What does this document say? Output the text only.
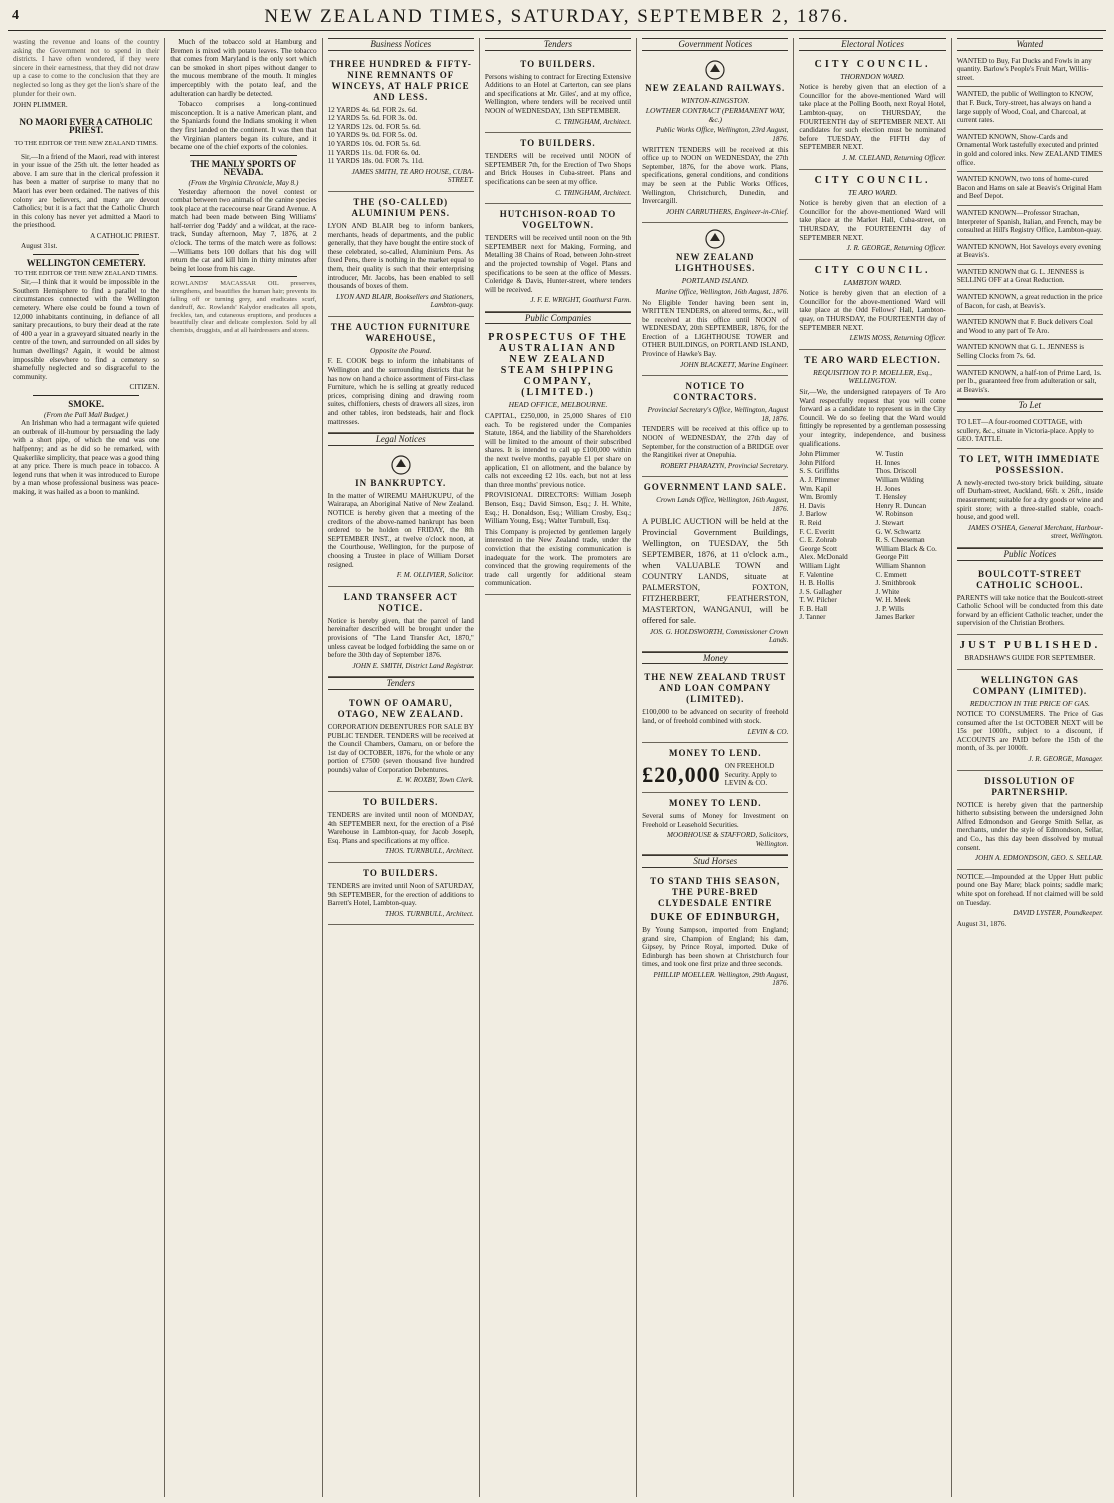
4	NEW ZEALAND TIMES, SATURDAY, SEPTEMBER 2, 1876.

wasting the revenue and loans of the country asking the Government not to spend in their districts. I have often wondered, if they were sincere in their earnestness, that they did not draw up a case to come to the conclusion that they are neglected so long as they get the lion's share of the plunder for their own.

JOHN PLIMMER.

NO MAORI EVER A CATHOLIC PRIEST.
TO THE EDITOR OF THE NEW ZEALAND TIMES.

Sir,—In a friend of the Maori, read with interest in your issue of the 25th ult. the letter headed as above. I am sure that in the clerical profession it has been a matter of surprise to many that no Maori has ever been ordained. The natives of this colony are believers, and many are devout Catholics; but it is a fact that the Catholic Church in this colony has never yet admitted a Maori to the priesthood.

A CATHOLIC PRIEST.

August 31st.

WELLINGTON CEMETERY.
TO THE EDITOR OF THE NEW ZEALAND TIMES.

Sir,—I think that it would be impossible in the Southern Hemisphere to find a parallel to the circumstances connected with the Wellington cemetery. Where else could be found a town of 12,000 inhabitants continuing, in defiance of all sanitary precautions, to bury their dead at the rate of 400 a year in a graveyard situated nearly in the centre of the town, and surrounded on all sides by human dwellings? Again, it would be almost impossible elsewhere to find a cemetery so shamefully neglected and so disgraceful to the community.

CITIZEN.

SMOKE.
(From the Pall Mall Budget.)

An Irishman who had a termagant wife quieted an outbreak of ill-humour by persuading the lady with a short pipe, of which the end was one halfpenny; and as he did so he remarked, with Quakerlike simplicity, that peace was a good thing at any price. There is much peace in tobacco. A legend runs that when it was introduced to Europe by a man whose professional business was peace-making, it was hailed as a boon to mankind.

Much of the tobacco sold at Hamburg and Bremen is mixed with potato leaves. The tobacco that comes from Maryland is the only sort which can be smoked in short pipes without danger to the mucous membrane of the mouth. It mingles imperceptibly with the potato leaf, and the adulteration can hardly be detected.

Tobacco comprises a long-continued misconception. It is a native American plant, and the Spaniards found the Indians smoking it when they first landed on the continent. It was then that the Virginian planters began its culture, and it became one of the chief exports of the colonies.

THE MANLY SPORTS OF NEVADA.
(From the Virginia Chronicle, May 8.)

Yesterday afternoon the novel contest or combat between two animals of the canine species took place at the racecourse near Grand Avenue. A match had been made between Bing Williams' half-terrier dog 'Paddy' and a wildcat, at the race-track, Sunday afternoon, May 7, 1876, at 2 o'clock. The terms of the match were as follows:—Williams bets 100 dollars that his dog will return the cat and kill him in thirty minutes after being let loose from his cage.

ROWLANDS' MACASSAR OIL preserves, strengthens, and beautifies the human hair; prevents its falling off or turning grey, and eradicates scurf, dandruff, &c. Rowlands' Kalydor eradicates all spots, freckles, tan, and cutaneous eruptions, and produces a beautifully clear and delicate complexion. Sold by all chemists, druggists, and at all hairdressers and stores.

Business Notices
THREE HUNDRED & FIFTY-NINE REMNANTS OF WINCEYS, AT HALF PRICE AND LESS.
12 YARDS 4s. 6d. FOR 2s. 6d.
12 YARDS 5s. 6d. FOR 3s. 0d.
12 YARDS 12s. 0d. FOR 5s. 6d.
10 YARDS 9s. 0d. FOR 5s. 0d.
10 YARDS 10s. 0d. FOR 5s. 6d.
11 YARDS 11s. 0d. FOR 6s. 0d.
11 YARDS 18s. 0d. FOR 7s. 11d.

JAMES SMITH, TE ARO HOUSE, CUBA-STREET.

THE (SO-CALLED) ALUMINIUM PENS.

LYON AND BLAIR beg to inform bankers, merchants, heads of departments, and the public generally, that they have bought the entire stock of these celebrated, so-called, Aluminium Pens. As fixed Pens, there is nothing in the market equal to them, their quality is such that their enterprising introducer, Mr. Jacobs, has been enabled to sell thousands of boxes of them.

LYON AND BLAIR, Booksellers and Stationers, Lambton-quay.

THE AUCTION FURNITURE WAREHOUSE,
Opposite the Pound.

F. E. COOK begs to inform the inhabitants of Wellington and the surrounding districts that he has now on hand a choice assortment of First-class Furniture, which he is selling at greatly reduced prices, comprising dining and drawing room suites, chiffoniers, chests of drawers all sizes, iron and other tables, iron bedsteads, hair and flock mattresses.

Legal Notices
IN BANKRUPTCY.

In the matter of WIREMU MAHUKUPU, of the Wairarapa, an Aboriginal Native of New Zealand. NOTICE is hereby given that a meeting of the creditors of the above-named bankrupt has been ordered to be holden on FRIDAY, the 8th SEPTEMBER INST., at twelve o'clock noon, at the Courthouse, Wellington, for the purpose of choosing a Trustee in place of William Dorset resigned.

F. M. OLLIVIER, Solicitor.

LAND TRANSFER ACT NOTICE.

Notice is hereby given, that the parcel of land hereinafter described will be brought under the provisions of "The Land Transfer Act, 1870," unless caveat be lodged forbidding the same on or before the 30th day of September 1876.

JOHN E. SMITH, District Land Registrar.

Tenders
TOWN OF OAMARU, OTAGO, NEW ZEALAND.

CORPORATION DEBENTURES FOR SALE BY PUBLIC TENDER. TENDERS will be received at the Council Chambers, Oamaru, on or before the 1st day of OCTOBER, 1876, for the whole or any portion of £7500 (seven thousand five hundred pounds) value of Corporation Debentures.

E. W. ROXBY, Town Clerk.

TO BUILDERS.

TENDERS are invited until noon of MONDAY, 4th SEPTEMBER next, for the erection of a Pisé Warehouse in Lambton-quay, for Jacob Joseph, Esq. Plans and specifications at my office.

THOS. TURNBULL, Architect.

TO BUILDERS.

TENDERS are invited until Noon of SATURDAY, 9th SEPTEMBER, for the erection of additions to Barrett's Hotel, Lambton-quay.

THOS. TURNBULL, Architect.

Tenders
TO BUILDERS.

Persons wishing to contract for Erecting Extensive Additions to an Hotel at Carterton, can see plans and specifications at Mr. Giles', and at my office, Wellington, where tenders will be received until NOON of WEDNESDAY, 13th SEPTEMBER.

C. TRINGHAM, Architect.

TO BUILDERS.

TENDERS will be received until NOON of SEPTEMBER 7th, for the Erection of Two Shops and Brick Houses in Cuba-street. Plans and specifications can be seen at my office.

C. TRINGHAM, Architect.

HUTCHISON-ROAD TO VOGELTOWN.

TENDERS will be received until noon on the 9th SEPTEMBER next for Making, Forming, and Metalling 38 Chains of Road, between John-street and the projected township of Vogel. Plans and specifications to be seen at the office of Messrs. Coleridge & Davis, Hunter-street, where tenders will be received.

J. F. E. WRIGHT, Goathurst Farm.

Public Companies
PROSPECTUS OF THE AUSTRALIAN AND NEW ZEALAND STEAM SHIPPING COMPANY, (LIMITED.)
HEAD OFFICE, MELBOURNE.

CAPITAL, £250,000, in 25,000 Shares of £10 each. To be registered under the Companies Statute, 1864, and the liability of the Shareholders will be limited to the amount of their subscribed shares. It is intended to call up £100,000 within the next twelve months, payable £1 per share on application, £1 on allotment, and the balance by calls not exceeding £2 10s. each, but not at less than three months' previous notice.

PROVISIONAL DIRECTORS: William Joseph Benson, Esq.; David Simson, Esq.; J. H. White, Esq.; H. Donaldson, Esq.; William Crosby, Esq.; William Young, Esq.; Walter Turnbull, Esq.

This Company is projected by gentlemen largely interested in the New Zealand trade, under the conviction that the existing communication is inadequate for the work. The promoters are convinced that the growing requirements of the trade call urgently for additional steam communication.

Government Notices
NEW ZEALAND RAILWAYS.
WINTON-KINGSTON.
LOWTHER CONTRACT (PERMANENT WAY, &c.)

Public Works Office, Wellington, 23rd August, 1876.

WRITTEN TENDERS will be received at this office up to NOON on WEDNESDAY, the 27th September, 1876, for the above work. Plans, specifications, general conditions, and conditions may be seen at the Public Works Offices, Wellington, Christchurch, Dunedin, and Invercargill.

JOHN CARRUTHERS, Engineer-in-Chief.

NEW ZEALAND LIGHTHOUSES.
PORTLAND ISLAND.

Marine Office, Wellington, 16th August, 1876.

No Eligible Tender having been sent in, WRITTEN TENDERS, on altered terms, &c., will be received at this office until NOON of WEDNESDAY, 20th SEPTEMBER, 1876, for the Erection of a LIGHTHOUSE TOWER and OTHER BUILDINGS, on PORTLAND ISLAND, Province of Hawke's Bay.

JOHN BLACKETT, Marine Engineer.

NOTICE TO CONTRACTORS.

Provincial Secretary's Office, Wellington, August 18, 1876.

TENDERS will be received at this office up to NOON of WEDNESDAY, the 27th day of September, for the construction of a BRIDGE over the Rangitikei river at Onepuhia.

ROBERT PHARAZYN, Provincial Secretary.

GOVERNMENT LAND SALE.

Crown Lands Office, Wellington, 16th August, 1876.

A PUBLIC AUCTION will be held at the Provincial Government Buildings, Wellington, on TUESDAY, the 5th SEPTEMBER, 1876, at 11 o'clock a.m., when VALUABLE TOWN and COUNTRY LANDS, situate at PALMERSTON, FOXTON, FITZHERBERT, FEATHERSTON, MASTERTON, WANGANUI, will be offered for sale.

JOS. G. HOLDSWORTH, Commissioner Crown Lands.

Money
THE NEW ZEALAND TRUST AND LOAN COMPANY (LIMITED).

£100,000 to be advanced on security of freehold land, or of freehold combined with stock.

LEVIN & CO.

MONEY TO LEND.
£20,000 ON FREEHOLD Security. Apply to LEVIN & CO.
MONEY TO LEND.

Several sums of Money for Investment on Freehold or Leasehold Securities.

MOORHOUSE & STAFFORD, Solicitors, Wellington.

Stud Horses
TO STAND THIS SEASON, THE PURE-BRED CLYDESDALE ENTIRE
DUKE OF EDINBURGH,

By Young Sampson, imported from England; grand sire, Champion of England; his dam, Gipsey, by Prince Royal, imported. Duke of Edinburgh has been shown at Christchurch four times, and took one first prize and three seconds.

PHILLIP MOELLER. Wellington, 29th August, 1876.

Electoral Notices
CITY COUNCIL.
THORNDON WARD.

Notice is hereby given that an election of a Councillor for the above-mentioned Ward will take place at the Polling Booth, next Royal Hotel, Lambton-quay, on THURSDAY, the FOURTEENTH day of SEPTEMBER NEXT. All candidates for such election must be nominated before TUESDAY, the FIFTH day of SEPTEMBER NEXT.

J. M. CLELAND, Returning Officer.

CITY COUNCIL.
TE ARO WARD.

Notice is hereby given that an election of a Councillor for the above-mentioned Ward will take place at the Market Hall, Cuba-street, on THURSDAY, the FOURTEENTH day of SEPTEMBER NEXT.

J. R. GEORGE, Returning Officer.

CITY COUNCIL.
LAMBTON WARD.

Notice is hereby given that an election of a Councillor for the above-mentioned Ward will take place at the Odd Fellows' Hall, Lambton-quay, on THURSDAY, the FOURTEENTH day of SEPTEMBER NEXT.

LEWIS MOSS, Returning Officer.

TE ARO WARD ELECTION.
REQUISITION TO P. MOELLER, Esq., WELLINGTON.

Sir,—We, the undersigned ratepayers of Te Aro Ward respectfully request that you will come forward as a candidate to represent us in the City Council. We do so feeling that the Ward would fittingly be represented by a gentleman possessing your integrity, independence, and business qualifications.

John Plimmer
John Pilford
S. S. Griffiths
A. J. Plimmer
Wm. Kapil
Wm. Bromly
H. Davis
J. Barlow
R. Reid
F. C. Everitt
C. E. Zohrab
George Scott
Alex. McDonald
William Light
F. Valentine
H. B. Hollis
J. S. Gallagher
T. W. Pilcher
F. B. Hall
J. Tanner
W. Tustin
H. Innes
Thos. Driscoll
William Wilding
H. Jones
T. Hensley
Henry R. Duncan
W. Robinson
J. Stewart
G. W. Schwartz
R. S. Cheeseman
William Black & Co.
George Pitt
William Shannon
C. Emmett
J. Smithbrook
J. White
W. H. Meek
J. P. Wills
James Barker
Wanted
WANTED to Buy, Fat Ducks and Fowls in any quantity. Barlow's People's Fruit Mart, Willis-street.
WANTED, the public of Wellington to KNOW, that F. Buck, Tory-street, has always on hand a large supply of Wood, Coal, and Charcoal, at current rates.
WANTED KNOWN, Show-Cards and Ornamental Work tastefully executed and printed in gold and colored inks. New ZEALAND TIMES office.
WANTED KNOWN, two tons of home-cured Bacon and Hams on sale at Beavis's Original Ham and Beef Depot.
WANTED KNOWN—Professor Strachan, Interpreter of Spanish, Italian, and French, may be consulted at Hill's Registry Office, Lambton-quay.
WANTED KNOWN, Hot Saveloys every evening at Beavis's.
WANTED KNOWN that G. L. JENNESS is SELLING OFF at a Great Reduction.
WANTED KNOWN, a great reduction in the price of Bacon, for cash, at Beavis's.
WANTED KNOWN that F. Buck delivers Coal and Wood to any part of Te Aro.
WANTED KNOWN that G. L. JENNESS is Selling Clocks from 7s. 6d.
WANTED KNOWN, a half-ton of Prime Lard, 1s. per lb., guaranteed free from adulteration or salt, at Beavis's.
To Let
TO LET—A four-roomed COTTAGE, with scullery, &c., situate in Victoria-place. Apply to GEO. TATTLE.
TO LET, WITH IMMEDIATE POSSESSION.

A newly-erected two-story brick building, situate off Durham-street, Auckland, 66ft. x 26ft., inside measurement; suitable for a dry goods or wine and spirit store; with a three-stalled stable, coach-house, and good well.

JAMES O'SHEA, General Merchant, Harbour-street, Wellington.

Public Notices
BOULCOTT-STREET CATHOLIC SCHOOL.

PARENTS will take notice that the Boulcott-street Catholic School will be conducted from this date forward by an efficient Catholic teacher, under the supervision of the Christian Brothers.

JUST PUBLISHED.

BRADSHAW'S GUIDE FOR SEPTEMBER.

WELLINGTON GAS COMPANY (LIMITED).
REDUCTION IN THE PRICE OF GAS.

NOTICE TO CONSUMERS. The Price of Gas consumed after the 1st OCTOBER NEXT will be 15s per 1000ft., subject to a discount, if ACCOUNTS are PAID before the 15th of the month, of 3s. per 1000ft.

J. R. GEORGE, Manager.

DISSOLUTION OF PARTNERSHIP.

NOTICE is hereby given that the partnership hitherto subsisting between the undersigned John Alfred Edmondson and George Smith Sellar, as merchants, under the style of Edmondson, Sellar, and Co., has this day been dissolved by mutual consent.

JOHN A. EDMONDSON, GEO. S. SELLAR.

NOTICE.—Impounded at the Upper Hutt public pound one Bay Mare; black points; saddle mark; white spot on forehead. If not claimed will be sold on Tuesday.

DAVID LYSTER, Poundkeeper.

August 31, 1876.
